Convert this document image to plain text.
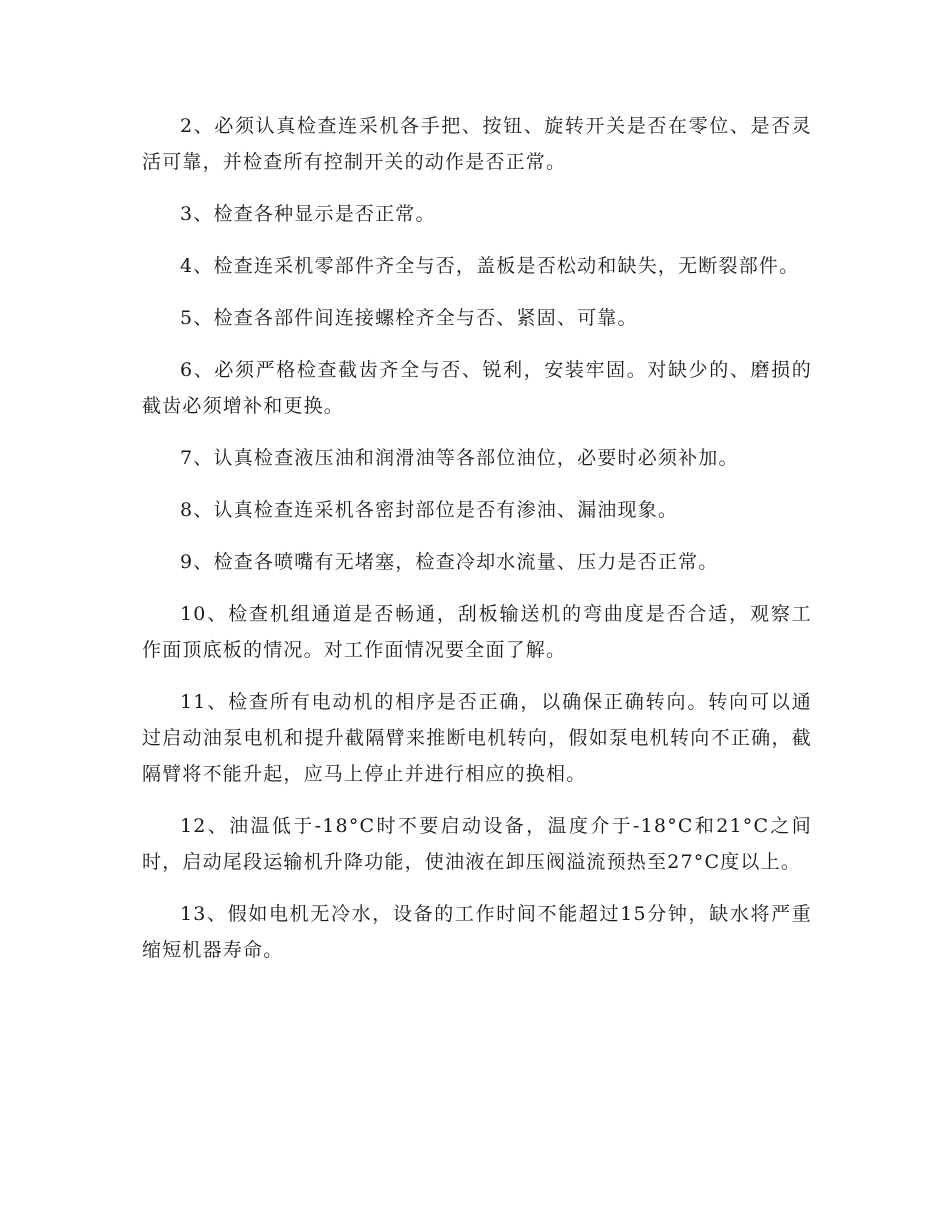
2、必须认真检查连采机各手把、按钮、旋转开关是否在零位、是否灵活可靠，并检查所有控制开关的动作是否正常。

3、检查各种显示是否正常。

4、检查连采机零部件齐全与否，盖板是否松动和缺失，无断裂部件。

5、检查各部件间连接螺栓齐全与否、紧固、可靠。

6、必须严格检查截齿齐全与否、锐利，安装牢固。对缺少的、磨损的截齿必须增补和更换。

7、认真检查液压油和润滑油等各部位油位，必要时必须补加。

8、认真检查连采机各密封部位是否有渗油、漏油现象。

9、检查各喷嘴有无堵塞，检查冷却水流量、压力是否正常。

10、检查机组通道是否畅通，刮板输送机的弯曲度是否合适，观察工作面顶底板的情况。对工作面情况要全面了解。

11、检查所有电动机的相序是否正确，以确保正确转向。转向可以通过启动油泵电机和提升截隔臂来推断电机转向，假如泵电机转向不正确，截隔臂将不能升起，应马上停止并进行相应的换相。

12、油温低于-18°C时不要启动设备，温度介于-18°C和21°C之间时，启动尾段运输机升降功能，使油液在卸压阀溢流预热至27°C度以上。

13、假如电机无冷水，设备的工作时间不能超过15分钟，缺水将严重缩短机器寿命。
